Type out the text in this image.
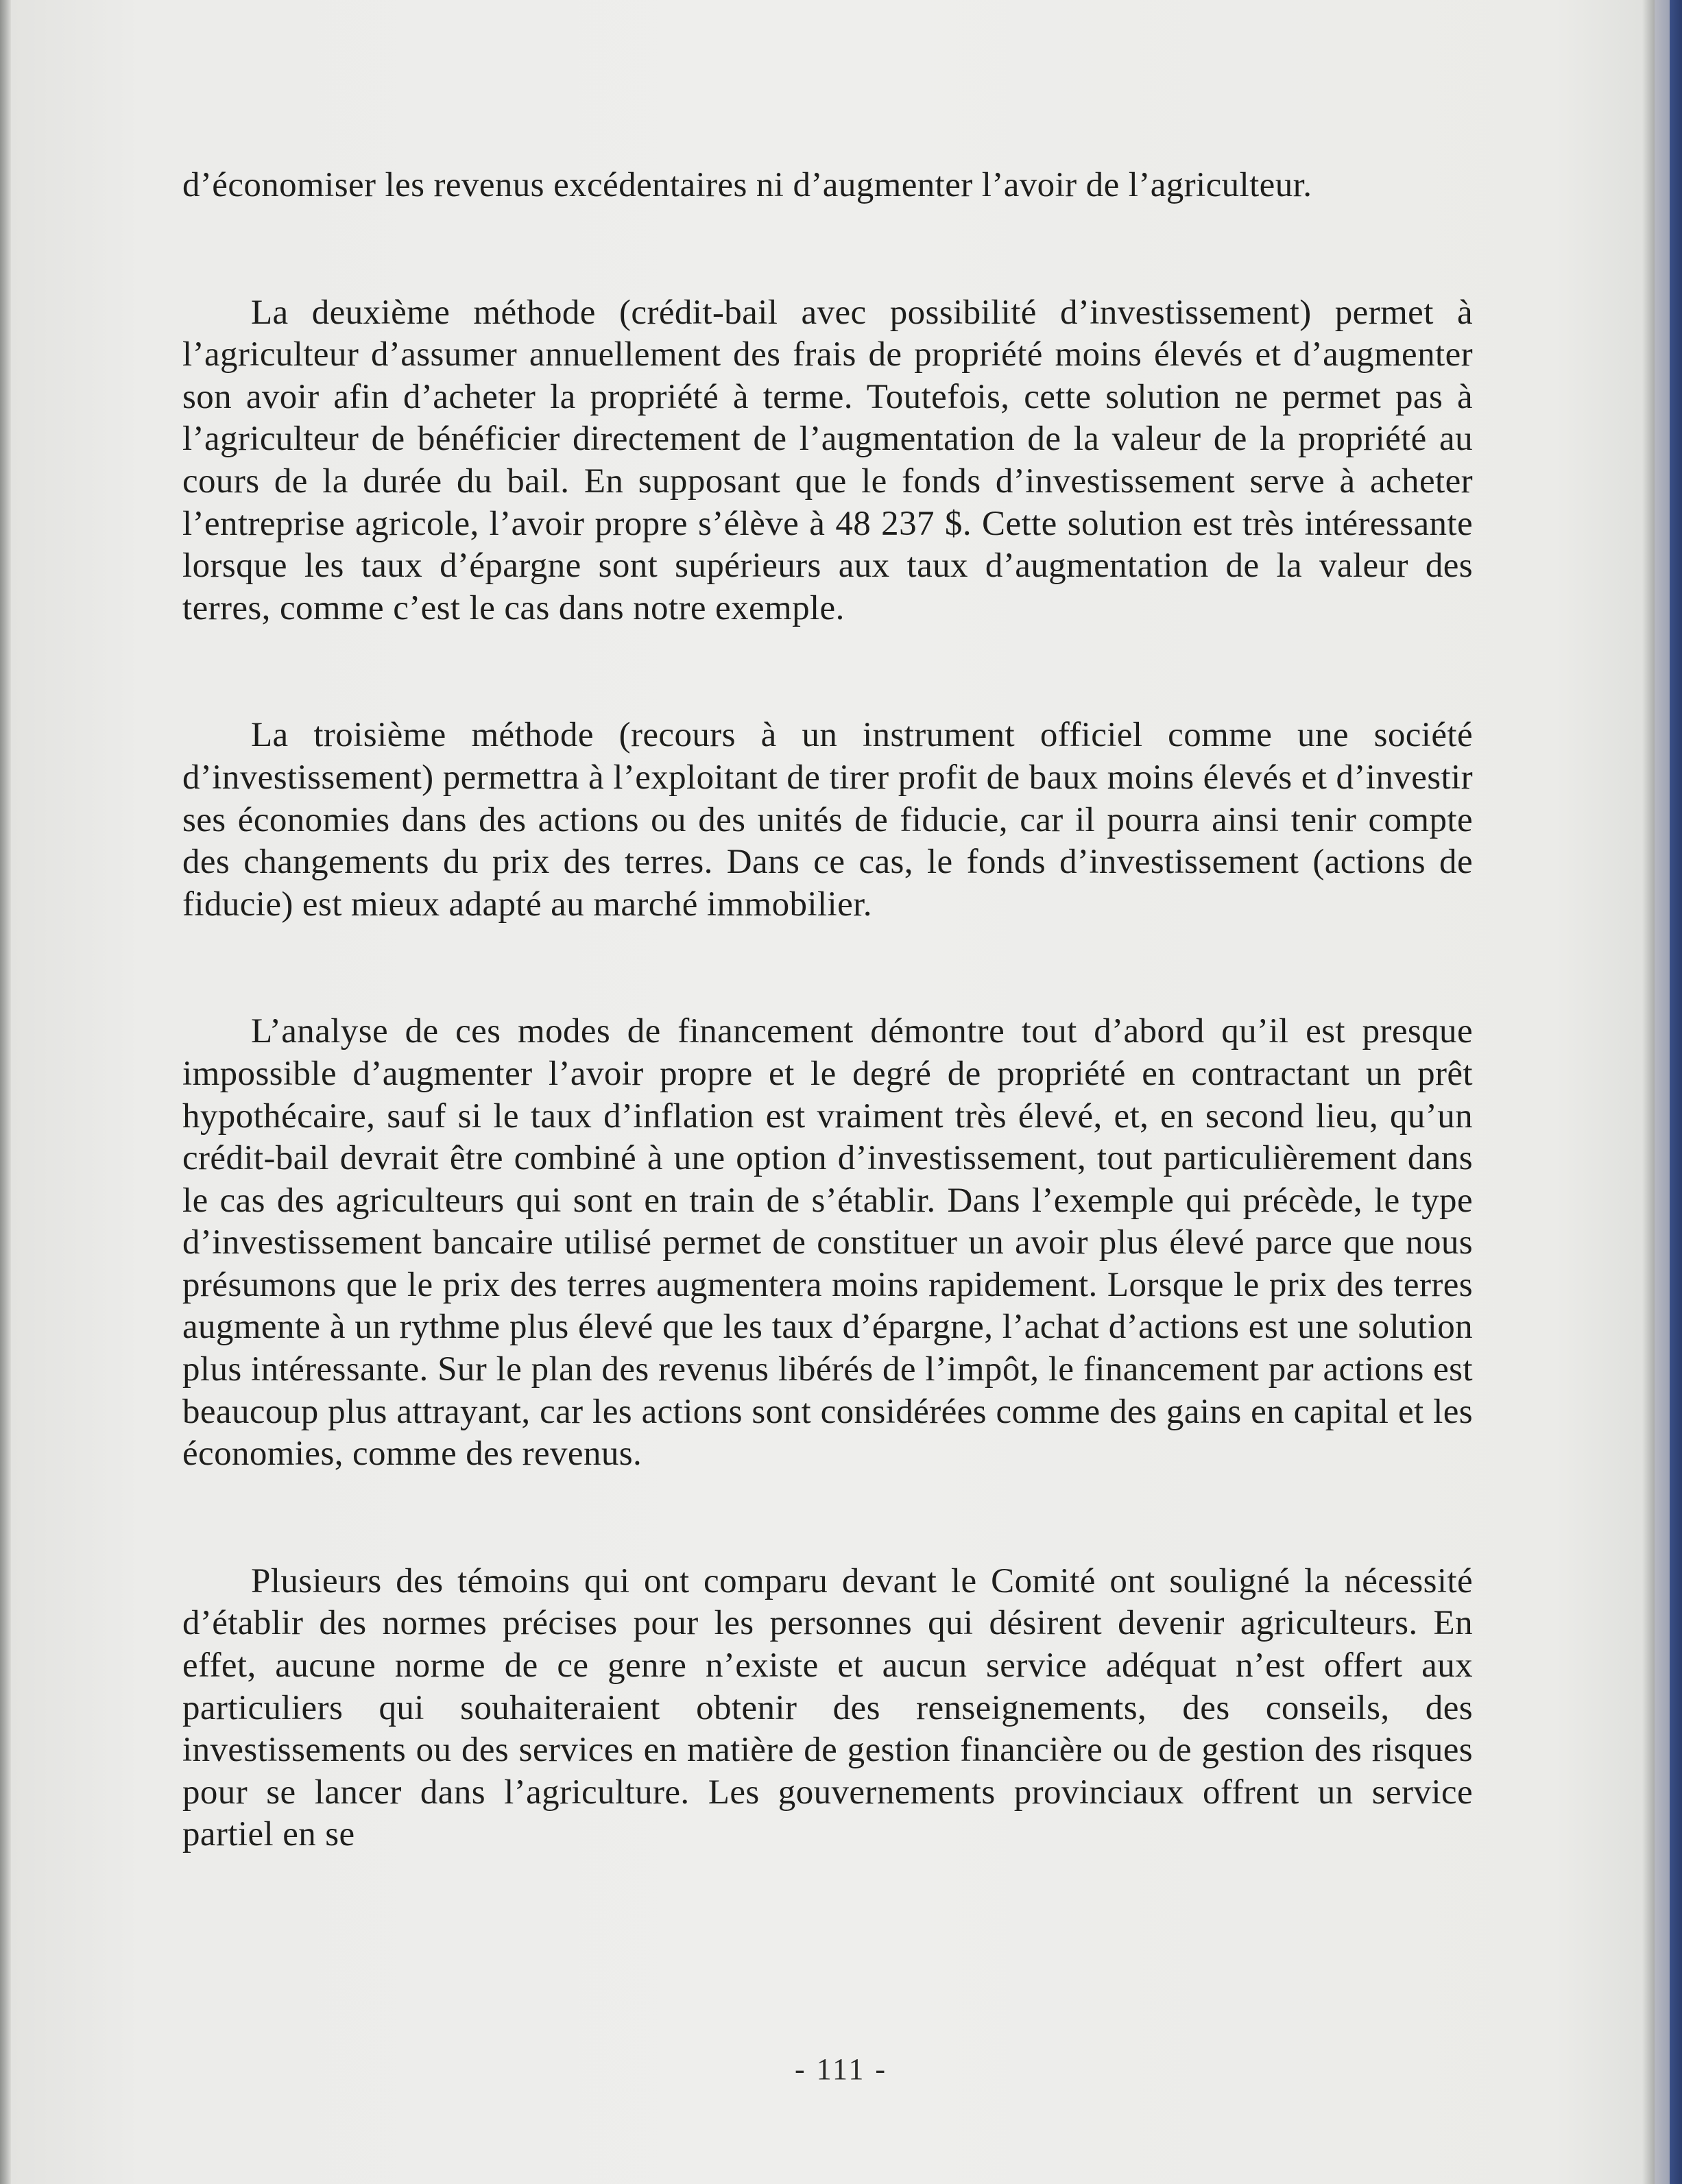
d’économiser les revenus excédentaires ni d’augmenter l’avoir de l’agriculteur.

La deuxième méthode (crédit-bail avec possibilité d’investissement) permet à l’agriculteur d’assumer annuellement des frais de propriété moins élevés et d’augmenter son avoir afin d’acheter la propriété à terme. Toutefois, cette solution ne permet pas à l’agriculteur de bénéficier directement de l’augmentation de la valeur de la propriété au cours de la durée du bail. En supposant que le fonds d’investissement serve à acheter l’entreprise agricole, l’avoir propre s’élève à 48 237 $. Cette solution est très intéressante lorsque les taux d’épargne sont supérieurs aux taux d’augmentation de la valeur des terres, comme c’est le cas dans notre exemple.

La troisième méthode (recours à un instrument officiel comme une société d’investissement) permettra à l’exploitant de tirer profit de baux moins élevés et d’investir ses économies dans des actions ou des unités de fiducie, car il pourra ainsi tenir compte des changements du prix des terres. Dans ce cas, le fonds d’investissement (actions de fiducie) est mieux adapté au marché immobilier.

L’analyse de ces modes de financement démontre tout d’abord qu’il est presque impossible d’augmenter l’avoir propre et le degré de propriété en contractant un prêt hypothécaire, sauf si le taux d’inflation est vraiment très élevé, et, en second lieu, qu’un crédit-bail devrait être combiné à une option d’investissement, tout particulièrement dans le cas des agriculteurs qui sont en train de s’établir. Dans l’exemple qui précède, le type d’investissement bancaire utilisé permet de constituer un avoir plus élevé parce que nous présumons que le prix des terres augmentera moins rapidement. Lorsque le prix des terres augmente à un rythme plus élevé que les taux d’épargne, l’achat d’actions est une solution plus intéressante. Sur le plan des revenus libérés de l’impôt, le financement par actions est beaucoup plus attrayant, car les actions sont considérées comme des gains en capital et les économies, comme des revenus.

Plusieurs des témoins qui ont comparu devant le Comité ont souligné la nécessité d’établir des normes précises pour les personnes qui désirent devenir agriculteurs. En effet, aucune norme de ce genre n’existe et aucun service adéquat n’est offert aux particuliers qui souhaiteraient obtenir des renseignements, des conseils, des investissements ou des services en matière de gestion financière ou de gestion des risques pour se lancer dans l’agriculture. Les gouvernements provinciaux offrent un service partiel en se

- 111 -
